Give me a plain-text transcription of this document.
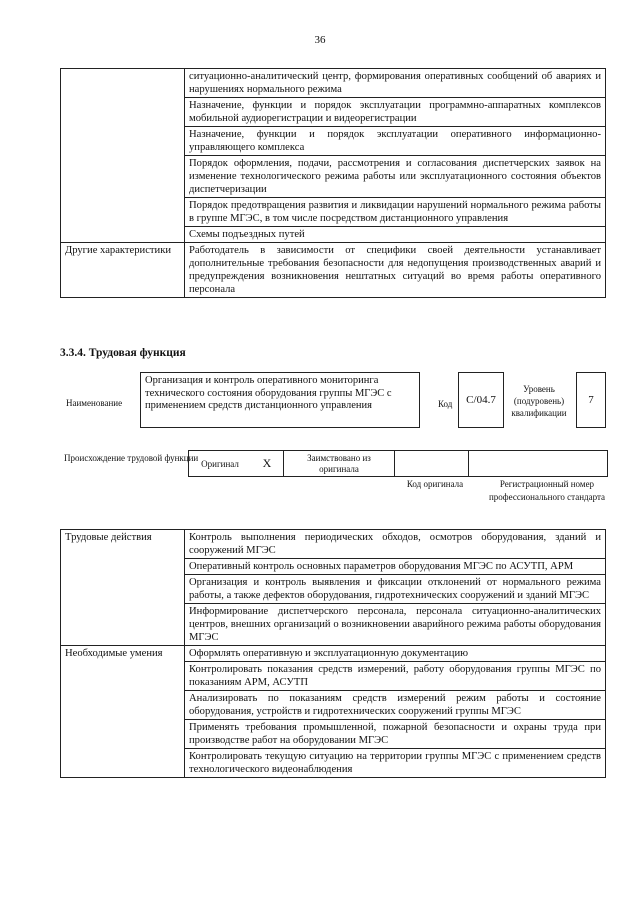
36
	ситуационно-аналитический центр, формирования оперативных сообщений об авариях и нарушениях нормального режима
	Назначение, функции и порядок эксплуатации программно-аппаратных комплексов мобильной аудиорегистрации и видеорегистрации
	Назначение, функции и порядок эксплуатации оперативного информационно-управляющего комплекса
	Порядок оформления, подачи, рассмотрения и согласования диспетчерских заявок на изменение технологического режима работы или эксплуатационного состояния объектов диспетчеризации
	Порядок предотвращения развития и ликвидации нарушений нормального режима работы в группе МГЭС, в том числе посредством дистанционного управления
	Схемы подъездных путей
Другие характеристики	Работодатель в зависимости от специфики своей деятельности устанавливает дополнительные требования безопасности для недопущения производственных аварий и предупреждения возникновения нештатных ситуаций во время работы оперативного персонала
3.3.4. Трудовая функция
Наименование
Организация и контроль оперативного мониторинга технического состояния оборудования группы МГЭС с применением средств дистанционного управления	Код	С/04.7
Уровень (подуровень) квалификации
7
Происхождение трудовой функции
Оригинал	X	Заимствовано из оригинала		
Код оригинала	Регистрационный номер профессионального стандарта
Трудовые действия	Контроль выполнения периодических обходов, осмотров оборудования, зданий и сооружений МГЭС
	Оперативный контроль основных параметров оборудования МГЭС по АСУТП, АРМ
	Организация и контроль выявления и фиксации отклонений от нормального режима работы, а также дефектов оборудования, гидротехнических сооружений и зданий МГЭС
	Информирование диспетчерского персонала, персонала ситуационно-аналитических центров, внешних организаций о возникновении аварийного режима работы оборудования МГЭС
Необходимые умения	Оформлять оперативную и эксплуатационную документацию
	Контролировать показания средств измерений, работу оборудования группы МГЭС по показаниям АРМ, АСУТП
	Анализировать по показаниям средств измерений режим работы и состояние оборудования, устройств и гидротехнических сооружений группы МГЭС
	Применять требования промышленной, пожарной безопасности и охраны труда при производстве работ на оборудовании МГЭС
	Контролировать текущую ситуацию на территории группы МГЭС с применением средств технологического видеонаблюдения
